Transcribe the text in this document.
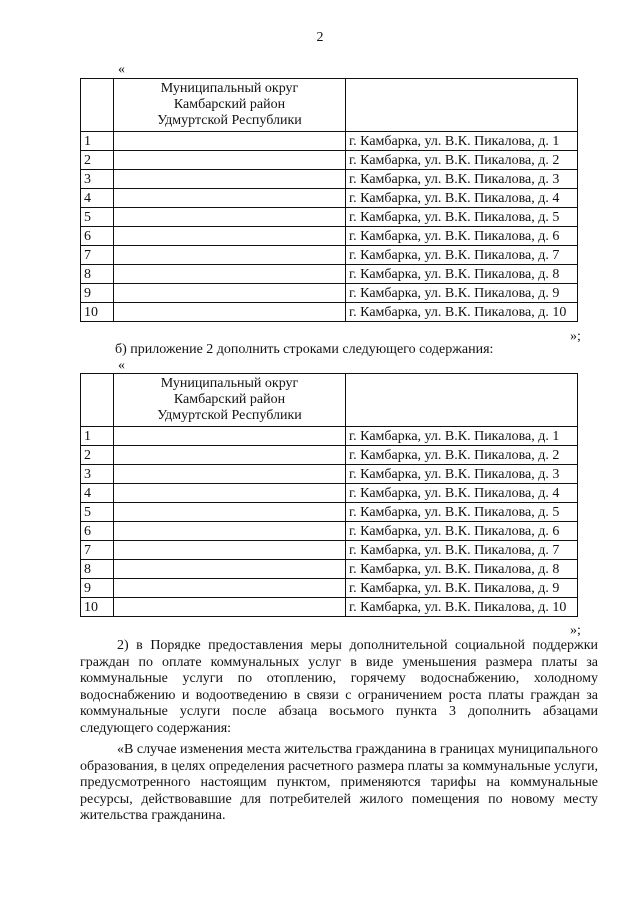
2
«

	Муниципальный округ
Камбарский район
Удмуртской Республики	

1		г. Камбарка, ул. В.К. Пикалова, д. 1
2		г. Камбарка, ул. В.К. Пикалова, д. 2
3		г. Камбарка, ул. В.К. Пикалова, д. 3
4		г. Камбарка, ул. В.К. Пикалова, д. 4
5		г. Камбарка, ул. В.К. Пикалова, д. 5
6		г. Камбарка, ул. В.К. Пикалова, д. 6
7		г. Камбарка, ул. В.К. Пикалова, д. 7
8		г. Камбарка, ул. В.К. Пикалова, д. 8
9		г. Камбарка, ул. В.К. Пикалова, д. 9
10		г. Камбарка, ул. В.К. Пикалова, д. 10
»;
б) приложение 2 дополнить строками следующего содержания:
«

	Муниципальный округ
Камбарский район
Удмуртской Республики	

1		г. Камбарка, ул. В.К. Пикалова, д. 1
2		г. Камбарка, ул. В.К. Пикалова, д. 2
3		г. Камбарка, ул. В.К. Пикалова, д. 3
4		г. Камбарка, ул. В.К. Пикалова, д. 4
5		г. Камбарка, ул. В.К. Пикалова, д. 5
6		г. Камбарка, ул. В.К. Пикалова, д. 6
7		г. Камбарка, ул. В.К. Пикалова, д. 7
8		г. Камбарка, ул. В.К. Пикалова, д. 8
9		г. Камбарка, ул. В.К. Пикалова, д. 9
10		г. Камбарка, ул. В.К. Пикалова, д. 10
»;
2) в Порядке предоставления меры дополнительной социальной поддержки граждан по оплате коммунальных услуг в виде уменьшения размера платы за коммунальные услуги по отоплению, горячему водоснабжению, холодному водоснабжению и водоотведению в связи с ограничением роста платы граждан за коммунальные услуги после абзаца восьмого пункта 3 дополнить абзацами следующего содержания:
«В случае изменения места жительства гражданина в границах муниципального образования, в целях определения расчетного размера платы за коммунальные услуги, предусмотренного настоящим пунктом, применяются тарифы на коммунальные ресурсы, действовавшие для потребителей жилого помещения по новому месту жительства гражданина.
